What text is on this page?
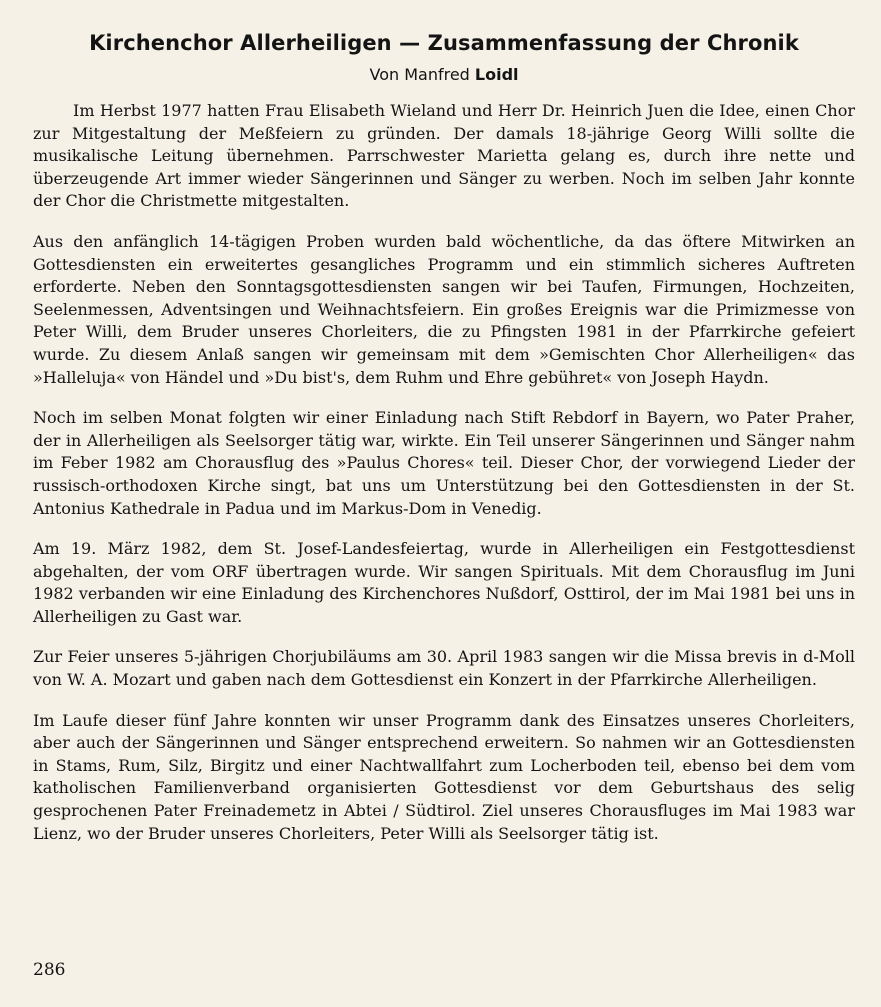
Kirchenchor Allerheiligen — Zusammenfassung der Chronik
Von Manfred Loidl

Im Herbst 1977 hatten Frau Elisabeth Wieland und Herr Dr. Heinrich Juen die Idee, einen Chor zur Mitgestaltung der Meßfeiern zu gründen. Der damals 18-jährige Georg Willi sollte die musikalische Leitung übernehmen. Parrschwester Marietta gelang es, durch ihre nette und überzeugende Art immer wieder Sängerinnen und Sänger zu werben. Noch im selben Jahr konnte der Chor die Christmette mitgestalten.

Aus den anfänglich 14-tägigen Proben wurden bald wöchentliche, da das öftere Mitwirken an Gottesdiensten ein erweitertes gesangliches Programm und ein stimmlich sicheres Auftreten erforderte. Neben den Sonntagsgottesdiensten sangen wir bei Taufen, Firmungen, Hochzeiten, Seelenmessen, Adventsingen und Weihnachtsfeiern. Ein großes Ereignis war die Primizmesse von Peter Willi, dem Bruder unseres Chorleiters, die zu Pfingsten 1981 in der Pfarrkirche gefeiert wurde. Zu diesem Anlaß sangen wir gemeinsam mit dem »Gemischten Chor Allerheiligen« das »Halleluja« von Händel und »Du bist's, dem Ruhm und Ehre gebühret« von Joseph Haydn.

Noch im selben Monat folgten wir einer Einladung nach Stift Rebdorf in Bayern, wo Pater Praher, der in Allerheiligen als Seelsorger tätig war, wirkte. Ein Teil unserer Sängerinnen und Sänger nahm im Feber 1982 am Chorausflug des »Paulus Chores« teil. Dieser Chor, der vorwiegend Lieder der russisch-orthodoxen Kirche singt, bat uns um Unterstützung bei den Gottesdiensten in der St. Antonius Kathedrale in Padua und im Markus-Dom in Venedig.

Am 19. März 1982, dem St. Josef-Landesfeiertag, wurde in Allerheiligen ein Festgottesdienst abgehalten, der vom ORF übertragen wurde. Wir sangen Spirituals. Mit dem Chorausflug im Juni 1982 verbanden wir eine Einladung des Kirchenchores Nußdorf, Osttirol, der im Mai 1981 bei uns in Allerheiligen zu Gast war.

Zur Feier unseres 5-jährigen Chorjubiläums am 30. April 1983 sangen wir die Missa brevis in d-Moll von W. A. Mozart und gaben nach dem Gottesdienst ein Konzert in der Pfarrkirche Allerheiligen.

Im Laufe dieser fünf Jahre konnten wir unser Programm dank des Einsatzes unseres Chorleiters, aber auch der Sängerinnen und Sänger entsprechend erweitern. So nahmen wir an Gottesdiensten in Stams, Rum, Silz, Birgitz und einer Nachtwallfahrt zum Locherboden teil, ebenso bei dem vom katholischen Familienverband organisierten Gottesdienst vor dem Geburtshaus des selig gesprochenen Pater Freinademetz in Abtei / Südtirol. Ziel unseres Chorausfluges im Mai 1983 war Lienz, wo der Bruder unseres Chorleiters, Peter Willi als Seelsorger tätig ist.

286
